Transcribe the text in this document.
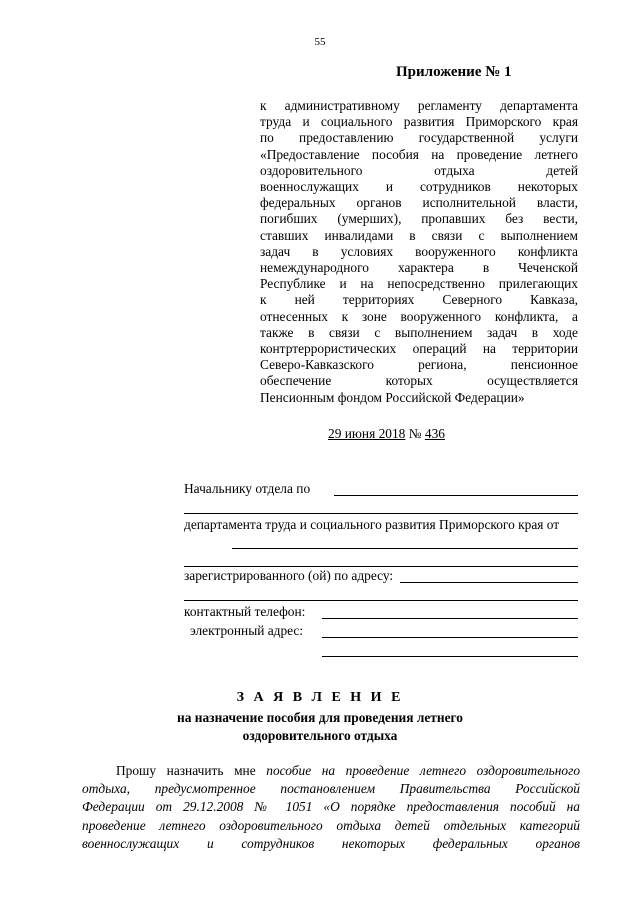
55
Приложение № 1
к административному регламенту департамента
труда и социального развития Приморского края
по предоставлению государственной услуги
«Предоставление пособия на проведение летнего
оздоровительного отдыха детей
военнослужащих и сотрудников некоторых
федеральных органов исполнительной власти,
погибших (умерших), пропавших без вести,
ставших инвалидами в связи с выполнением
задач в условиях вооруженного конфликта
немеждународного характера в Чеченской
Республике и на непосредственно прилегающих
к ней территориях Северного Кавказа,
отнесенных к зоне вооруженного конфликта, а
также в связи с выполнением задач в ходе
контртеррористических операций на территории
Северо-Кавказского региона, пенсионное
обеспечение которых осуществляется
Пенсионным фондом Российской Федерации»
29 июня 2018 № 436
Начальнику отдела по
департамента труда и социального развития Приморского края от
_
зарегистрированного (ой) по адресу:
контактный телефон:
электронный адрес:
З А Я В Л Е Н И Е
на назначение пособия для проведения летнего
оздоровительного отдыха
Прошу назначить мне пособие на проведение летнего оздоровительного
отдыха, предусмотренное постановлением Правительства Российской
Федерации от 29.12.2008 № 1051 «О порядке предоставления пособий на
проведение летнего оздоровительного отдыха детей отдельных категорий
военнослужащих и сотрудников некоторых федеральных органов
